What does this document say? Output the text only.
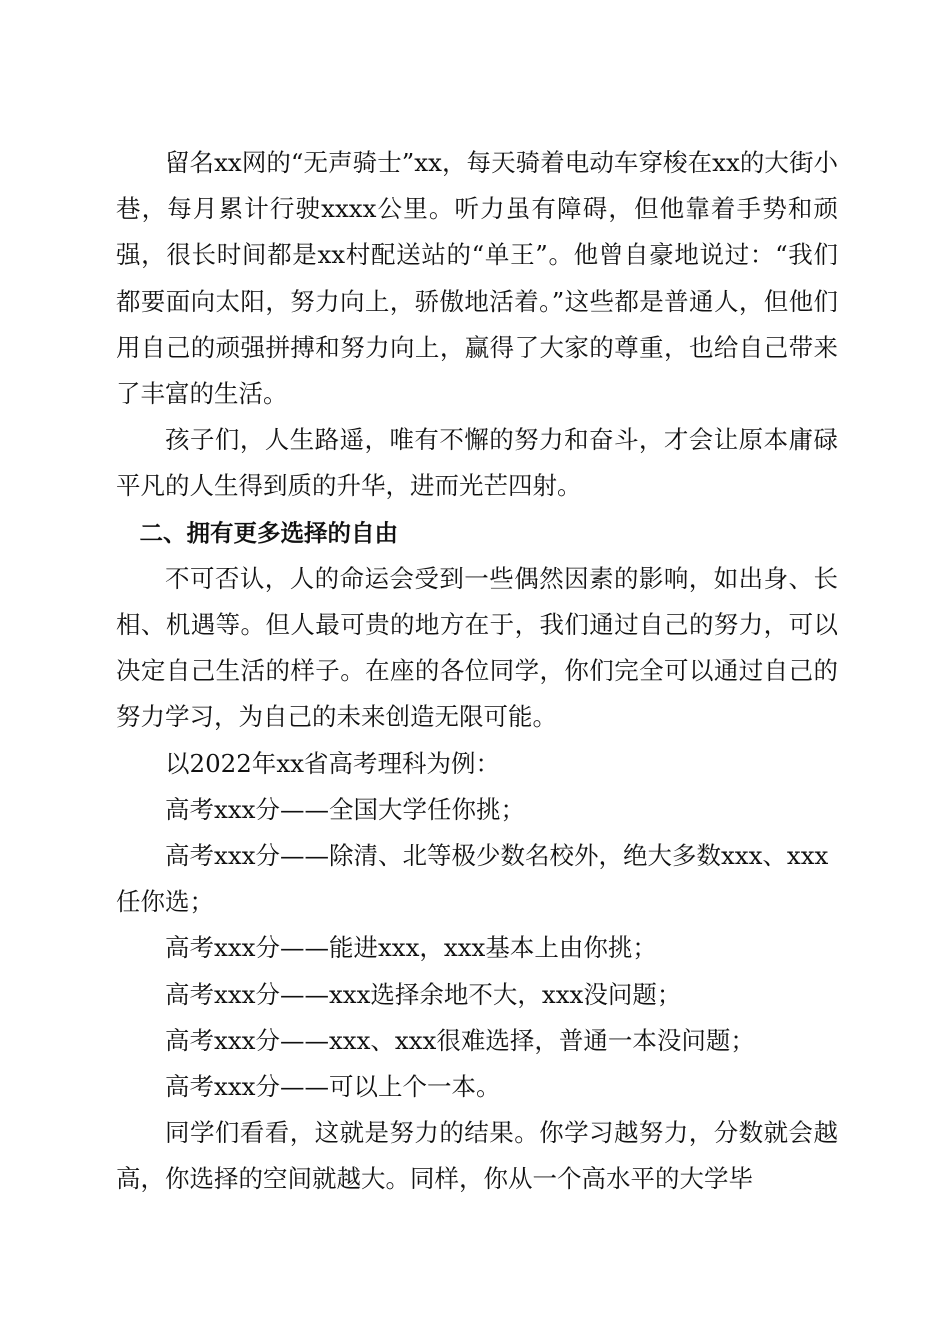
留名xx网的“无声骑士”xx，每天骑着电动车穿梭在xx的大街小巷，每月累计行驶xxxx公里。听力虽有障碍，但他靠着手势和顽强，很长时间都是xx村配送站的“单王”。他曾自豪地说过：“我们都要面向太阳，努力向上，骄傲地活着。”这些都是普通人，但他们用自己的顽强拼搏和努力向上，赢得了大家的尊重，也给自己带来了丰富的生活。

孩子们，人生路遥，唯有不懈的努力和奋斗，才会让原本庸碌平凡的人生得到质的升华，进而光芒四射。

二、拥有更多选择的自由

不可否认，人的命运会受到一些偶然因素的影响，如出身、长相、机遇等。但人最可贵的地方在于，我们通过自己的努力，可以决定自己生活的样子。在座的各位同学，你们完全可以通过自己的努力学习，为自己的未来创造无限可能。

以2022年xx省高考理科为例：

高考xxx分——全国大学任你挑；
高考xxx分——除清、北等极少数名校外，绝大多数xxx、xxx任你选；
高考xxx分——能进xxx，xxx基本上由你挑；
高考xxx分——xxx选择余地不大，xxx没问题；
高考xxx分——xxx、xxx很难选择，普通一本没问题；
高考xxx分——可以上个一本。

同学们看看，这就是努力的结果。你学习越努力，分数就会越高，你选择的空间就越大。同样，你从一个高水平的大学毕
